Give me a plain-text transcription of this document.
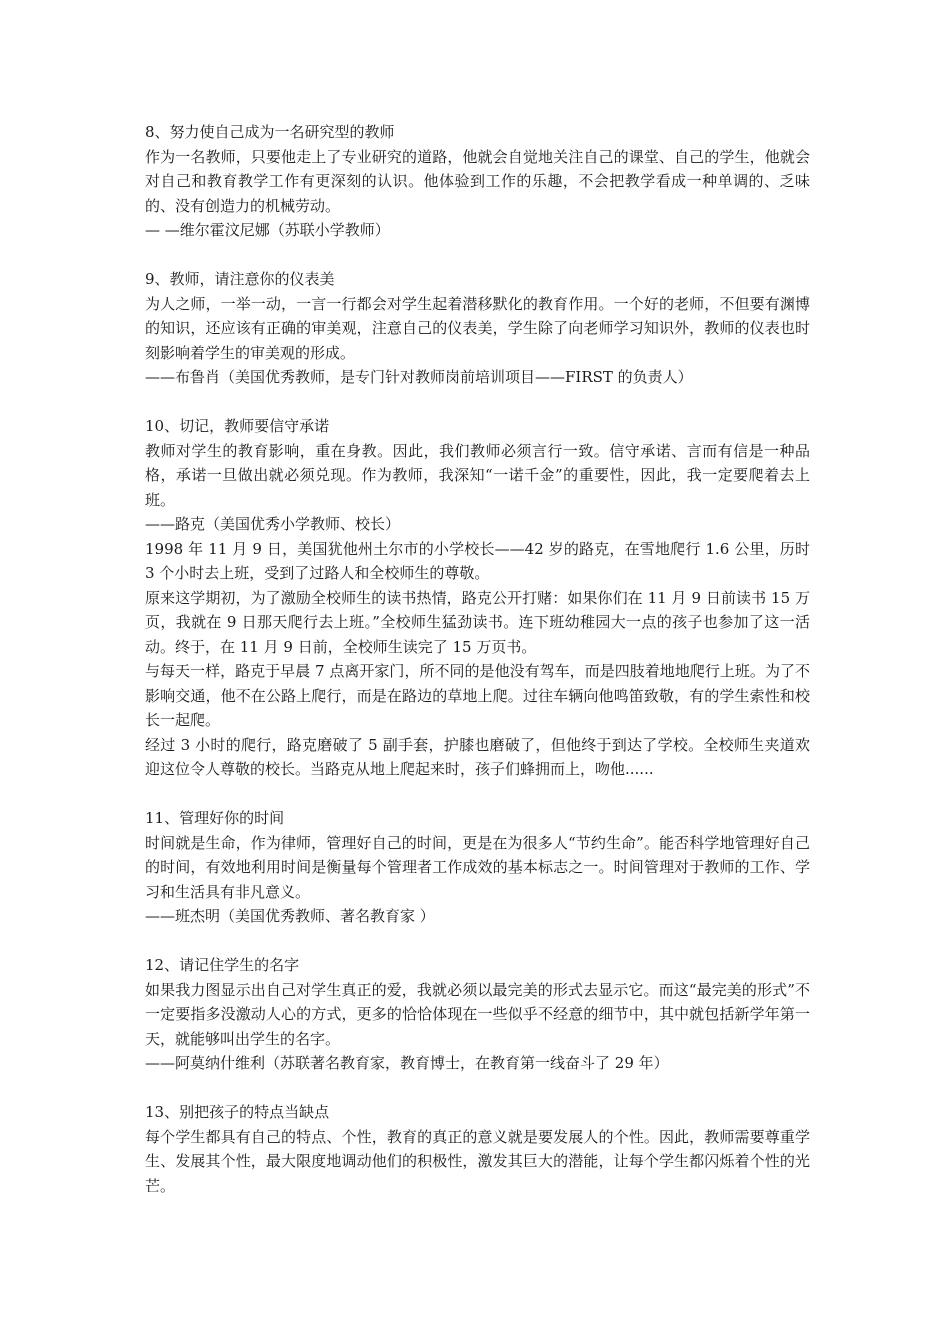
8、努力使自己成为一名研究型的教师

作为一名教师，只要他走上了专业研究的道路，他就会自觉地关注自己的课堂、自己的学生，他就会对自己和教育教学工作有更深刻的认识。他体验到工作的乐趣，不会把教学看成一种单调的、乏味的、没有创造力的机械劳动。

— —维尔霍汶尼娜（苏联小学教师）
9、教师，请注意你的仪表美

为人之师，一举一动，一言一行都会对学生起着潜移默化的教育作用。一个好的老师，不但要有渊博的知识，还应该有正确的审美观，注意自己的仪表美，学生除了向老师学习知识外，教师的仪表也时刻影响着学生的审美观的形成。

——布鲁肖（美国优秀教师，是专门针对教师岗前培训项目——FIRST 的负责人）
10、切记，教师要信守承诺

教师对学生的教育影响，重在身教。因此，我们教师必须言行一致。信守承诺、言而有信是一种品格，承诺一旦做出就必须兑现。作为教师，我深知“一诺千金”的重要性，因此，我一定要爬着去上班。

——路克（美国优秀小学教师、校长）

1998 年 11 月 9 日，美国犹他州土尔市的小学校长——42 岁的路克，在雪地爬行 1.6 公里，历时 3 个小时去上班，受到了过路人和全校师生的尊敬。

原来这学期初，为了激励全校师生的读书热情，路克公开打赌：如果你们在 11 月 9 日前读书 15 万页，我就在 9 日那天爬行去上班。”全校师生猛劲读书。连下班幼稚园大一点的孩子也参加了这一活动。终于，在 11 月 9 日前，全校师生读完了 15 万页书。

与每天一样，路克于早晨 7 点离开家门，所不同的是他没有驾车，而是四肢着地地爬行上班。为了不影响交通，他不在公路上爬行，而是在路边的草地上爬。过往车辆向他鸣笛致敬，有的学生索性和校长一起爬。

经过 3 小时的爬行，路克磨破了 5 副手套，护膝也磨破了，但他终于到达了学校。全校师生夹道欢迎这位令人尊敬的校长。当路克从地上爬起来时，孩子们蜂拥而上，吻他......

11、管理好你的时间

时间就是生命，作为律师，管理好自己的时间，更是在为很多人“节约生命”。能否科学地管理好自己的时间，有效地利用时间是衡量每个管理者工作成效的基本标志之一。时间管理对于教师的工作、学习和生活具有非凡意义。

——班杰明（美国优秀教师、著名教育家 ）
12、请记住学生的名字

如果我力图显示出自己对学生真正的爱，我就必须以最完美的形式去显示它。而这“最完美的形式”不一定要指多没激动人心的方式，更多的恰恰体现在一些似乎不经意的细节中，其中就包括新学年第一天，就能够叫出学生的名字。

——阿莫纳什维利（苏联著名教育家，教育博士，在教育第一线奋斗了 29 年）
13、别把孩子的特点当缺点

每个学生都具有自己的特点、个性，教育的真正的意义就是要发展人的个性。因此，教师需要尊重学生、发展其个性，最大限度地调动他们的积极性，激发其巨大的潜能，让每个学生都闪烁着个性的光芒。
